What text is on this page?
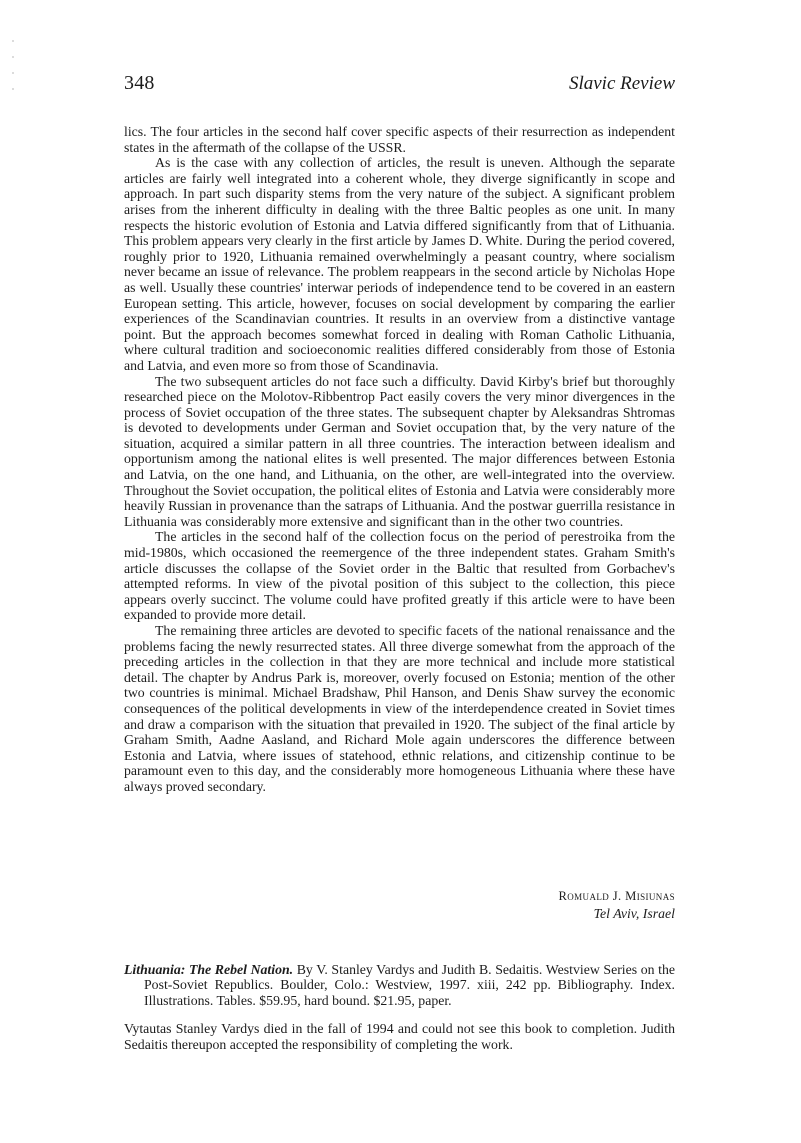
348	Slavic Review

lics. The four articles in the second half cover specific aspects of their resurrection as independent states in the aftermath of the collapse of the USSR.

As is the case with any collection of articles, the result is uneven. Although the separate articles are fairly well integrated into a coherent whole, they diverge significantly in scope and approach. In part such disparity stems from the very nature of the subject. A significant problem arises from the inherent difficulty in dealing with the three Baltic peoples as one unit. In many respects the historic evolution of Estonia and Latvia differed significantly from that of Lithuania. This problem appears very clearly in the first article by James D. White. During the period covered, roughly prior to 1920, Lithuania remained overwhelmingly a peasant country, where socialism never became an issue of relevance. The problem reappears in the second article by Nicholas Hope as well. Usually these countries' interwar periods of independence tend to be covered in an eastern European setting. This article, however, focuses on social development by comparing the earlier experiences of the Scandinavian countries. It results in an overview from a distinctive vantage point. But the approach becomes somewhat forced in dealing with Roman Catholic Lithuania, where cultural tradition and socioeconomic realities differed considerably from those of Estonia and Latvia, and even more so from those of Scandinavia.

The two subsequent articles do not face such a difficulty. David Kirby's brief but thoroughly researched piece on the Molotov-Ribbentrop Pact easily covers the very minor divergences in the process of Soviet occupation of the three states. The subsequent chapter by Aleksandras Shtromas is devoted to developments under German and Soviet occupation that, by the very nature of the situation, acquired a similar pattern in all three countries. The interaction between idealism and opportunism among the national elites is well presented. The major differences between Estonia and Latvia, on the one hand, and Lithuania, on the other, are well-integrated into the overview. Throughout the Soviet occupation, the political elites of Estonia and Latvia were considerably more heavily Russian in provenance than the satraps of Lithuania. And the postwar guerrilla resistance in Lithuania was considerably more extensive and significant than in the other two countries.

The articles in the second half of the collection focus on the period of perestroika from the mid-1980s, which occasioned the reemergence of the three independent states. Graham Smith's article discusses the collapse of the Soviet order in the Baltic that resulted from Gorbachev's attempted reforms. In view of the pivotal position of this subject to the collection, this piece appears overly succinct. The volume could have profited greatly if this article were to have been expanded to provide more detail.

The remaining three articles are devoted to specific facets of the national renaissance and the problems facing the newly resurrected states. All three diverge somewhat from the approach of the preceding articles in the collection in that they are more technical and include more statistical detail. The chapter by Andrus Park is, moreover, overly focused on Estonia; mention of the other two countries is minimal. Michael Bradshaw, Phil Hanson, and Denis Shaw survey the economic consequences of the political developments in view of the interdependence created in Soviet times and draw a comparison with the situation that prevailed in 1920. The subject of the final article by Graham Smith, Aadne Aasland, and Richard Mole again underscores the difference between Estonia and Latvia, where issues of statehood, ethnic relations, and citizenship continue to be paramount even to this day, and the considerably more homogeneous Lithuania where these have always proved secondary.

Romuald J. Misiunas
Tel Aviv, Israel
Lithuania: The Rebel Nation. By V. Stanley Vardys and Judith B. Sedaitis. Westview Series on the Post-Soviet Republics. Boulder, Colo.: Westview, 1997. xiii, 242 pp. Bibliography. Index. Illustrations. Tables. $59.95, hard bound. $21.95, paper.
Vytautas Stanley Vardys died in the fall of 1994 and could not see this book to completion. Judith Sedaitis thereupon accepted the responsibility of completing the work.
